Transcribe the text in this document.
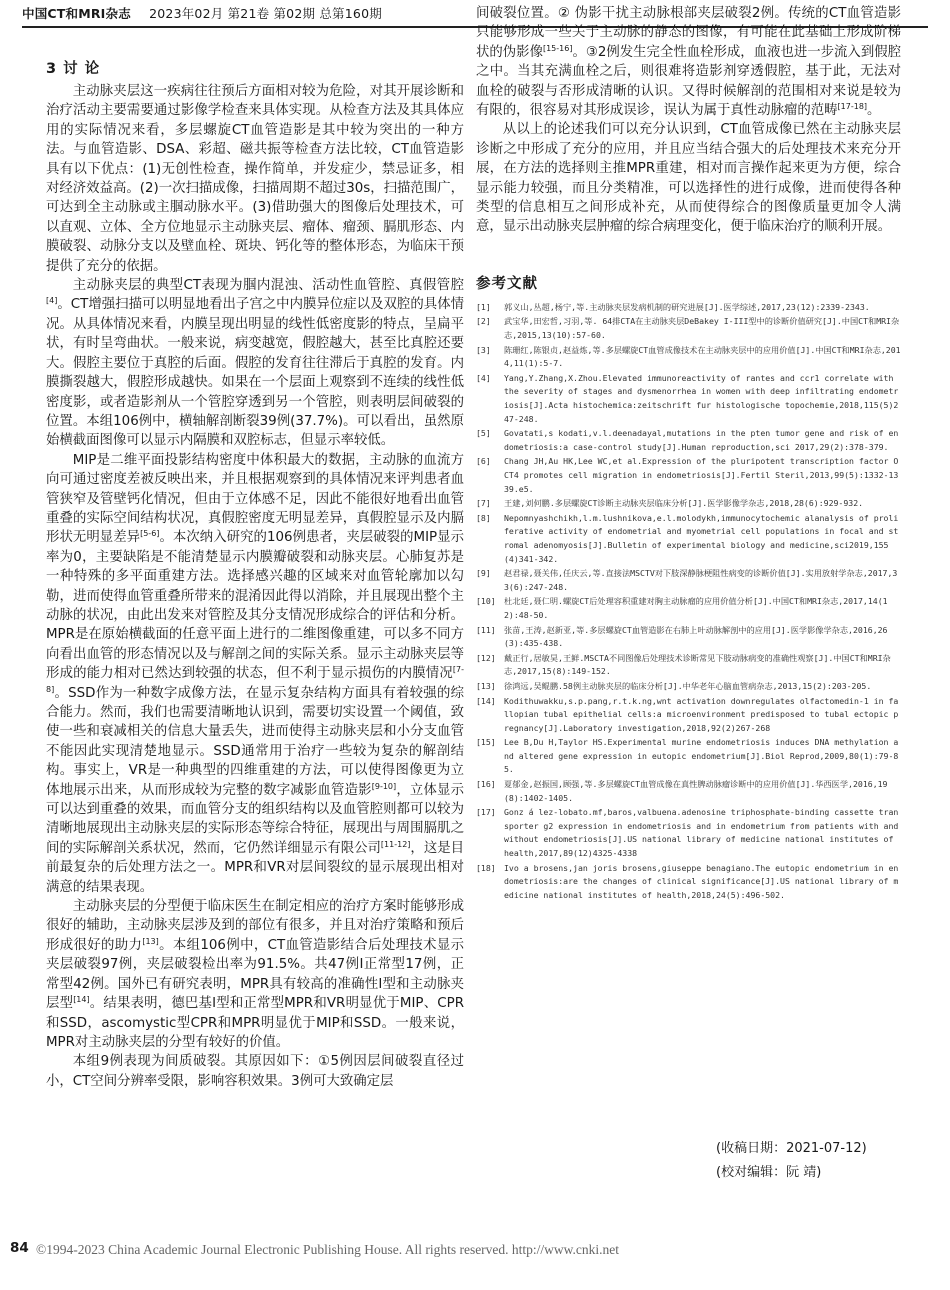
中国CT和MRI杂志 2023年02月 第21卷 第02期 总第160期
3 讨 论

主动脉夹层这一疾病往往预后方面相对较为危险，对其开展诊断和治疗活动主要需要通过影像学检查来具体实现。从检查方法及其具体应用的实际情况来看，多层螺旋CT血管造影是其中较为突出的一种方法。与血管造影、DSA、彩超、磁共振等检查方法比较，CT血管造影具有以下优点：(1)无创性检查，操作简单，并发症少，禁忌证多，相对经济效益高。(2)一次扫描成像，扫描周期不超过30s，扫描范围广，可达到全主动脉或主腘动脉水平。(3)借助强大的图像后处理技术，可以直观、立体、全方位地显示主动脉夹层、瘤体、瘤颈、膈肌形态、内膜破裂、动脉分支以及壁血栓、斑块、钙化等的整体形态，为临床干预提供了充分的依据。

主动脉夹层的典型CT表现为腘内混浊、活动性血管腔、真假管腔[4]。CT增强扫描可以明显地看出子宫之中内膜异位症以及双腔的具体情况。从具体情况来看，内膜呈现出明显的线性低密度影的特点，呈扁平状，有时呈弯曲状。一般来说，病变越宽，假腔越大，甚至比真腔还要大。假腔主要位于真腔的后面。假腔的发育往往滞后于真腔的发育。内膜撕裂越大，假腔形成越快。如果在一个层面上观察到不连续的线性低密度影，或者造影剂从一个管腔穿透到另一个管腔，则表明层间破裂的位置。本组106例中，横轴解剖断裂39例(37.7%)。可以看出，虽然原始横截面图像可以显示内隔膜和双腔标志，但显示率较低。

MIP是二维平面投影结构密度中体积最大的数据，主动脉的血流方向可通过密度差被反映出来，并且根据观察到的具体情况来评判患者血管狭窄及管壁钙化情况，但由于立体感不足，因此不能很好地看出血管重叠的实际空间结构状况，真假腔密度无明显差异，真假腔显示及内膈形状无明显差异[5-6]。本次纳入研究的106例患者，夹层破裂的MIP显示率为0，主要缺陷是不能清楚显示内膜瓣破裂和动脉夹层。心肺复苏是一种特殊的多平面重建方法。选择感兴趣的区域来对血管轮廓加以勾勒，进而使得血管重叠所带来的混淆因此得以消除，并且展现出整个主动脉的状况，由此出发来对管腔及其分支情况形成综合的评估和分析。MPR是在原始横截面的任意平面上进行的二维图像重建，可以多不同方向看出血管的形态情况以及与解剖之间的实际关系。显示主动脉夹层等形成的能力相对已然达到较强的状态，但不利于显示损伤的内膜情况[7-8]。SSD作为一种数字成像方法，在显示复杂结构方面具有着较强的综合能力。然而，我们也需要清晰地认识到，需要切实设置一个阈值，致使一些和衰减相关的信息大量丢失，进而使得主动脉夹层和小分支血管不能因此实现清楚地显示。SSD通常用于治疗一些较为复杂的解剖结构。事实上，VR是一种典型的四维重建的方法，可以使得图像更为立体地展示出来，从而形成较为完整的数字减影血管造影[9-10]，立体显示可以达到重叠的效果，而血管分支的组织结构以及血管腔则都可以较为清晰地展现出主动脉夹层的实际形态等综合特征，展现出与周围膈肌之间的实际解剖关系状况，然而，它仍然详细显示有限公司[11-12]，这是目前最复杂的后处理方法之一。MPR和VR对层间裂纹的显示展现出相对满意的结果表现。

主动脉夹层的分型便于临床医生在制定相应的治疗方案时能够形成很好的辅助，主动脉夹层涉及到的部位有很多，并且对治疗策略和预后形成很好的助力[13]。本组106例中，CT血管造影结合后处理技术显示夹层破裂97例，夹层破裂检出率为91.5%。共47例Ⅰ正常型17例，正常型42例。国外已有研究表明，MPR具有较高的准确性Ⅰ型和主动脉夹层型[14]。结果表明，德巴基Ⅰ型和正常型MPR和VR明显优于MIP、CPR和SSD，ascomystic型CPR和MPR明显优于MIP和SSD。一般来说，MPR对主动脉夹层的分型有较好的价值。

本组9例表现为间质破裂。其原因如下：①5例因层间破裂直径过小，CT空间分辨率受限，影响容积效果。3例可大致确定层

间破裂位置。② 伪影干扰主动脉根部夹层破裂2例。传统的CT血管造影只能够形成一些关于主动脉的静态的图像，有可能在此基础上形成阶梯状的伪影像[15-16]。③2例发生完全性血栓形成，血液也进一步流入到假腔之中。当其充满血栓之后，则很难将造影剂穿透假腔，基于此，无法对血栓的破裂与否形成清晰的认识。又得时候解剖的范围相对来说是较为有限的，很容易对其形成误诊，误认为属于真性动脉瘤的范畴[17-18]。

从以上的论述我们可以充分认识到，CT血管成像已然在主动脉夹层诊断之中形成了充分的应用，并且应当结合强大的后处理技术来充分开展，在方法的选择则主推MPR重建，相对而言操作起来更为方便，综合显示能力较强，而且分类精准，可以选择性的进行成像，进而使得各种类型的信息相互之间形成补充，从而使得综合的图像质量更加令人满意，显示出动脉夹层肿瘤的综合病理变化，便于临床治疗的顺利开展。

参考文献
[1]	郭义山,丛超,杨宁,等.主动脉夹层发病机制的研究进展[J].医学综述,2017,23(12):2339-2343.
[2]	武宝华,田宏哲,习羽,等. 64排CTA在主动脉夹层DeBakey I-III型中的诊断价值研究[J].中国CT和MRI杂志,2015,13(10):57-60.
[3]	陈珊红,陈银贞,赵益炼,等.多层螺旋CT血管成像技术在主动脉夹层中的应用价值[J].中国CT和MRI杂志,2014,11(1):5-7.
[4]	Yang,Y.Zhang,X.Zhou.Elevated immunoreactivity of rantes and ccr1 correlate with the severity of stages and dysmenorrhea in women with deep infiltrating endometriosis[J].Acta histochemica:zeitschrift fur histologische topochemie,2018,115(5)247-248.
[5]	Govatati,s kodati,v.l.deenadayal,mutations in the pten tumor gene and risk of endometriosis:a case-control study[J].Human reproduction,sci 2017,29(2):378-379.
[6]	Chang JH,Au HK,Lee WC,et al.Expression of the pluripotent transcription factor OCT4 promotes cell migration in endometriosis[J].Fertil Steril,2013,99(5):1332-1339.e5.
[7]	王建,刘何鹏.多层螺旋CT诊断主动脉夹层临床分析[J].医学影像学杂志,2018,28(6):929-932.
[8]	Nepomnyashchikh,l.m.lushnikova,e.l.molodykh,immunocytochemic alanalysis of proliferative activity of endometrial and myometrial cell populations in focal and stromal adenomyosis[J].Bulletin of experimental biology and medicine,sci2019,155(4)341-342.
[9]	赵君禄,聂关伟,任庆云,等.直接法MSCTV对下肢深静脉梗阻性病变的诊断价值[J].实用放射学杂志,2017,33(6):247-248.
[10]	杜北廷,聂仁明.螺旋CT后处理容积重建对胸主动脉瘤的应用价值分析[J].中国CT和MRI杂志,2017,14(12):48-50.
[11]	张苗,王涛,赵新亚,等.多层螺旋CT血管造影在右肺上叶动脉解剖中的应用[J].医学影像学杂志,2016,26(3):435-438.
[12]	戴正行,居敏昊,王鲜.MSCTA不同图像后处理技术诊断常见下肢动脉病变的准确性观察[J].中国CT和MRI杂志,2017,15(8):149-152.
[13]	徐鸿远,吴鲲鹏.58例主动脉夹层的临床分析[J].中华老年心脑血管病杂志,2013,15(2):203-205.
[14]	Kodithuwakku,s.p.pang,r.t.k.ng,wnt activation downregulates olfactomedin-1 in fallopian tubal epithelial cells:a microenvironment predisposed to tubal ectopic pregnancy[J].Laboratory investigation,2018,92(2)267-268
[15]	Lee B,Du H,Taylor HS.Experimental murine endometriosis induces DNA methylation and altered gene expression in eutopic endometrium[J].Biol Reprod,2009,80(1):79-85.
[16]	夏郁金,赵振国,顾强,等.多层螺旋CT血管成像在真性脾动脉瘤诊断中的应用价值[J].华西医学,2016,19(8):1402-1405.
[17]	Gonz á lez-lobato.mf,baros,valbuena.adenosine triphosphate-binding cassette transporter g2 expression in endometriosis and in endometrium from patients with and without endometriosis[J].US national library of medicine national institutes of health,2017,89(12)4325-4338
[18]	Ivo a brosens,jan joris brosens,giuseppe benagiano.The eutopic endometrium in endometriosis:are the changes of clinical significance[J].US national library of medicine national institutes of health,2018,24(5):496-502.
(收稿日期：2021-07-12)
(校对编辑：阮 靖)
84 ©1994-2023 China Academic Journal Electronic Publishing House. All rights reserved. http://www.cnki.net
